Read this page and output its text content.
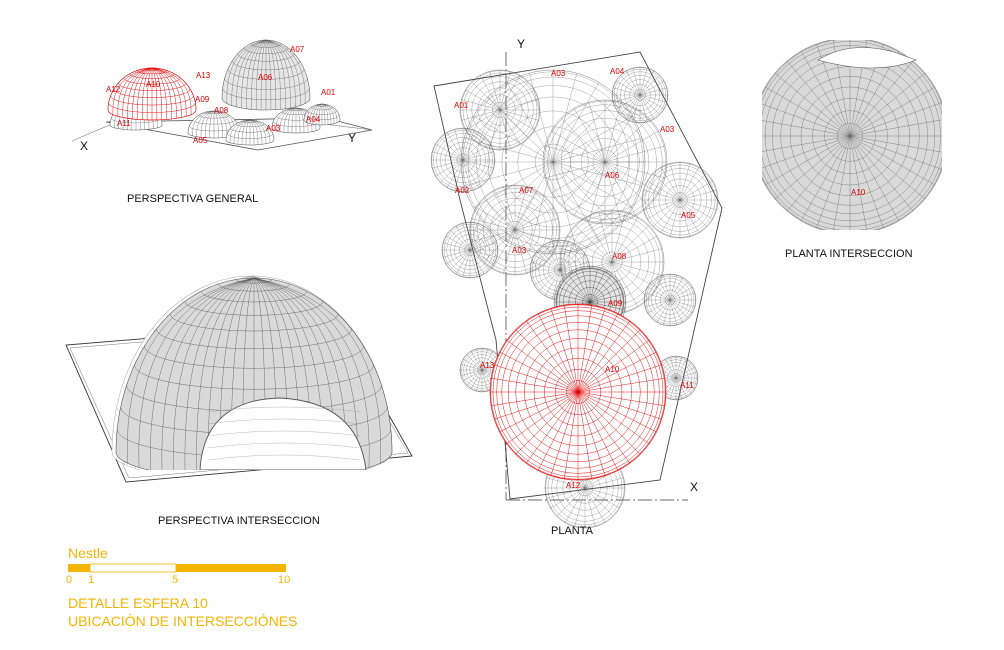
A07
A06
A13
A10
A12
A09
A08
A01
A11
A03
A04
A05
X
Y
PERSPECTIVA GENERAL
PERSPECTIVA INTERSECCION
A03	A04
A01
A03
A02	A07
A06
A05
A03
A08
A09
A13	A10
A11
A12
Y
X
PLANTA
A10
PLANTA INTERSECCION
Nestle
0 1	5	10
DETALLE ESFERA 10
UBICACIÓN DE INTERSECCIÓNES
